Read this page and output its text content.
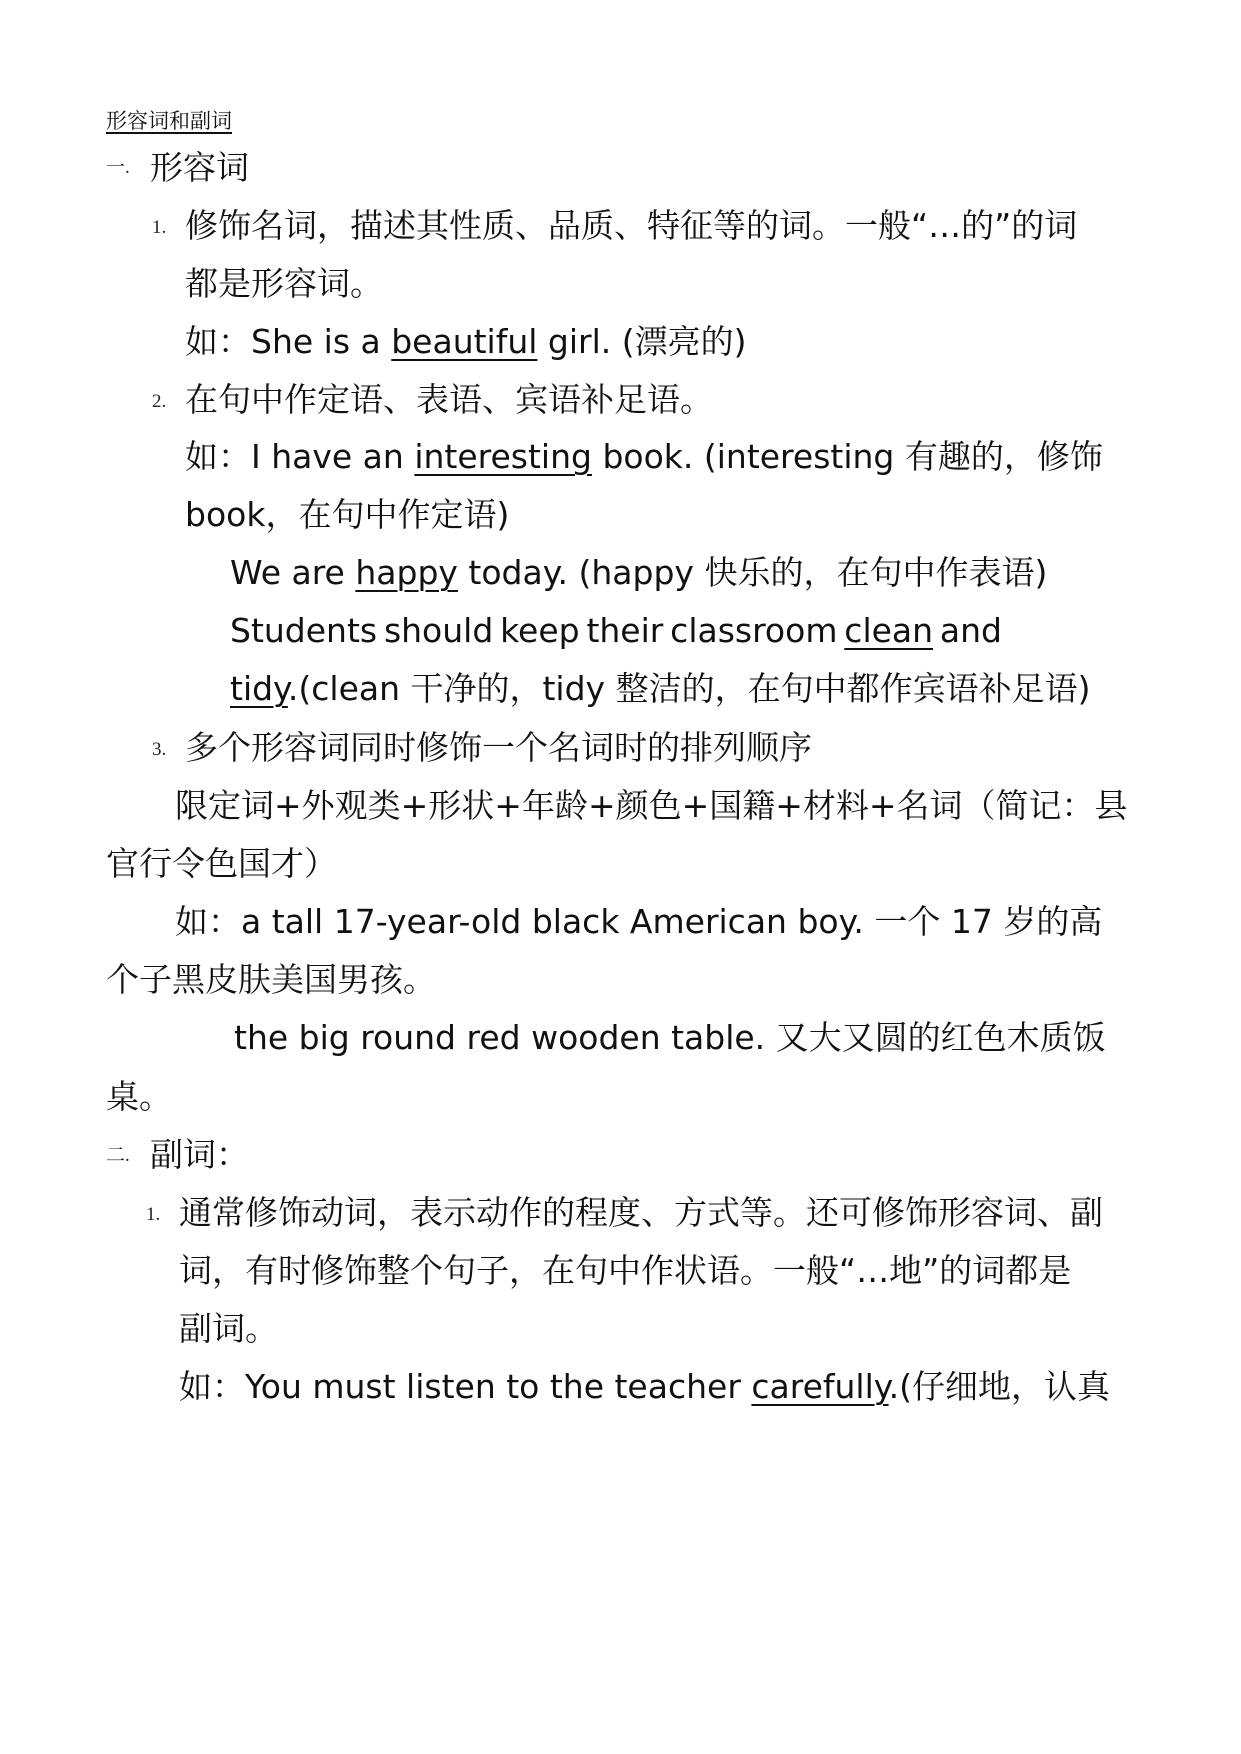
形容词和副词
一. 形容词
1. 修饰名词，描述其性质、品质、特征等的词。一般“…的”的词
都是形容词。
如：She is a beautiful girl. (漂亮的)
2. 在句中作定语、表语、宾语补足语。
如：I have an interesting book. (interesting 有趣的，修饰
book，在句中作定语)
We are happy today. (happy 快乐的，在句中作表语)
Students should keep their classroom clean and
tidy.(clean 干净的，tidy 整洁的，在句中都作宾语补足语)
3. 多个形容词同时修饰一个名词时的排列顺序
限定词+外观类+形状+年龄+颜色+国籍+材料+名词（简记：县
官行令色国才）
如：a tall 17-year-old black American boy. 一个 17 岁的高
个子黑皮肤美国男孩。
the big round red wooden table. 又大又圆的红色木质饭
桌。
二. 副词：
1. 通常修饰动词，表示动作的程度、方式等。还可修饰形容词、副
词，有时修饰整个句子，在句中作状语。一般“…地”的词都是
副词。
如：You must listen to the teacher carefully.(仔细地，认真
